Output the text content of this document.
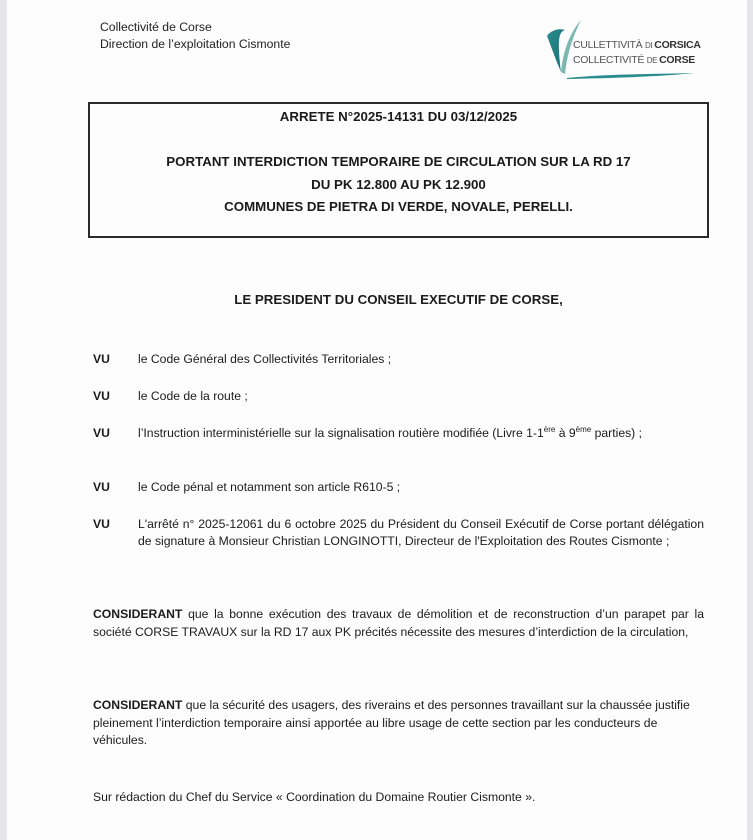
Collectivité de Corse
Direction de l’exploitation Cismonte	CULLETTIVITÀ DI CORSICA
COLLECTIVITÉ DE CORSE
ARRETE N°2025-14131 DU 03/12/2025
PORTANT INTERDICTION TEMPORAIRE DE CIRCULATION SUR LA RD 17
DU PK 12.800 AU PK 12.900
COMMUNES DE PIETRA DI VERDE, NOVALE, PERELLI.
LE PRESIDENT DU CONSEIL EXECUTIF DE CORSE,
VU le Code Général des Collectivités Territoriales ;
VU le Code de la route ;
VU l’Instruction interministérielle sur la signalisation routière modifiée (Livre 1-1ère à 9ème parties) ;
VU le Code pénal et notamment son article R610-5 ;
VU L'arrêté n° 2025-12061 du 6 octobre 2025 du Président du Conseil Exécutif de Corse portant délégation de signature à Monsieur Christian LONGINOTTI, Directeur de l'Exploitation des Routes Cismonte ;
CONSIDERANT que la bonne exécution des travaux de démolition et de reconstruction d’un parapet par la société CORSE TRAVAUX sur la RD 17 aux PK précités nécessite des mesures d’interdiction de la circulation,
CONSIDERANT que la sécurité des usagers, des riverains et des personnes travaillant sur la chaussée justifie pleinement l’interdiction temporaire ainsi apportée au libre usage de cette section par les conducteurs de véhicules.
Sur rédaction du Chef du Service « Coordination du Domaine Routier Cismonte ».
